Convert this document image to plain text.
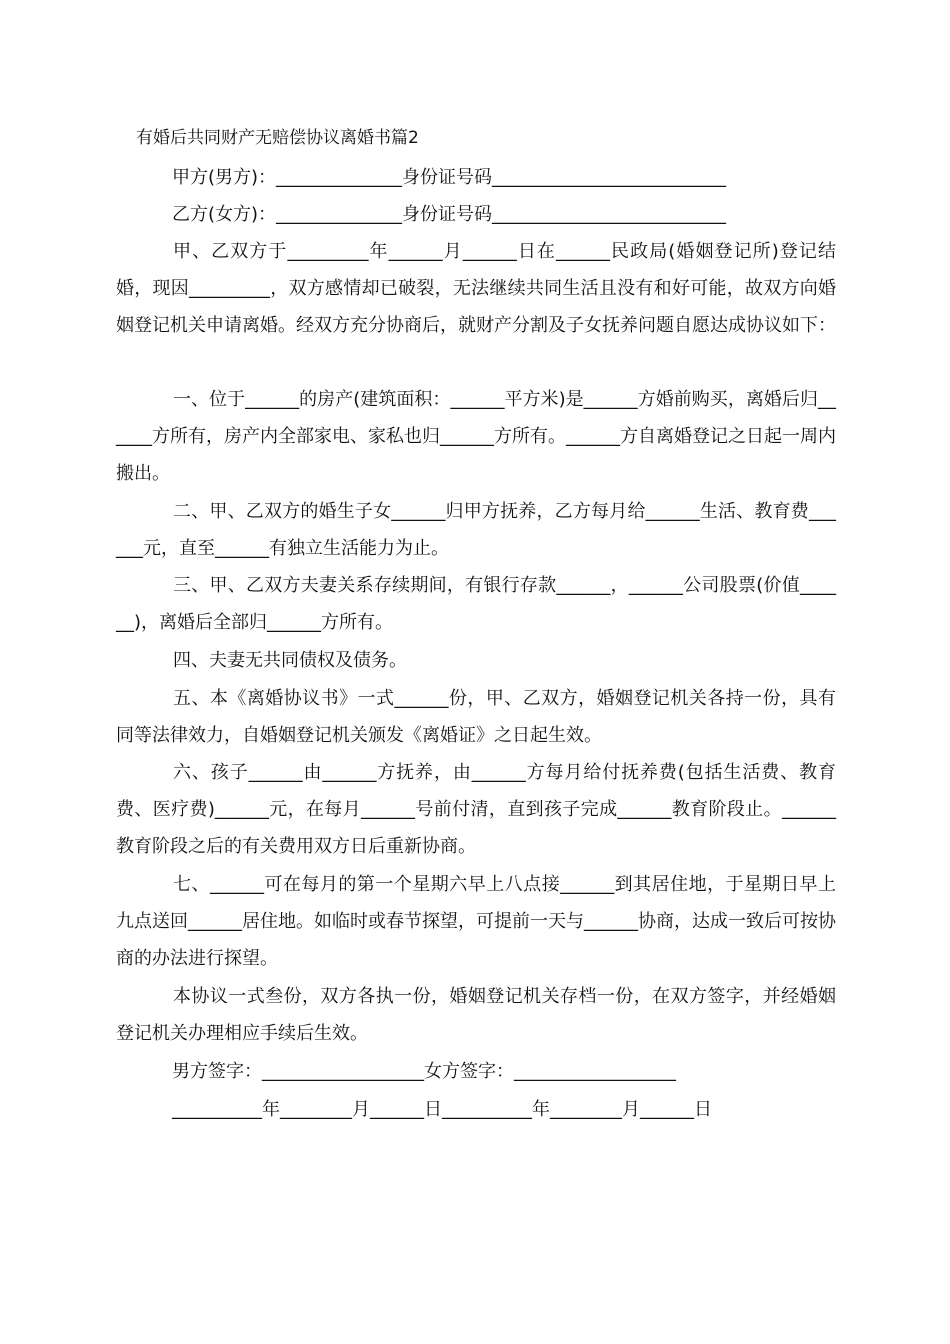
有婚后共同财产无赔偿协议离婚书篇2
甲方(男方)：______________身份证号码__________________________
乙方(女方)：______________身份证号码__________________________
甲、乙双方于_________年______月______日在______民政局(婚姻登记所)登记结婚，现因_________，双方感情却已破裂，无法继续共同生活且没有和好可能，故双方向婚姻登记机关申请离婚。经双方充分协商后，就财产分割及子女抚养问题自愿达成协议如下：
一、位于______的房产(建筑面积：______平方米)是______方婚前购买，离婚后归______方所有，房产内全部家电、家私也归______方所有。______方自离婚登记之日起一周内搬出。
二、甲、乙双方的婚生子女______归甲方抚养，乙方每月给______生活、教育费______元，直至______有独立生活能力为止。
三、甲、乙双方夫妻关系存续期间，有银行存款______，______公司股票(价值______)，离婚后全部归______方所有。
四、夫妻无共同债权及债务。
五、本《离婚协议书》一式______份，甲、乙双方，婚姻登记机关各持一份，具有同等法律效力，自婚姻登记机关颁发《离婚证》之日起生效。
六、孩子______由______方抚养，由______方每月给付抚养费(包括生活费、教育费、医疗费)______元，在每月______号前付清，直到孩子完成______教育阶段止。______教育阶段之后的有关费用双方日后重新协商。
七、______可在每月的第一个星期六早上八点接______到其居住地，于星期日早上九点送回______居住地。如临时或春节探望，可提前一天与______协商，达成一致后可按协商的办法进行探望。
本协议一式叁份，双方各执一份，婚姻登记机关存档一份，在双方签字，并经婚姻登记机关办理相应手续后生效。
男方签字：__________________女方签字：__________________
__________年________月______日__________年________月______日
